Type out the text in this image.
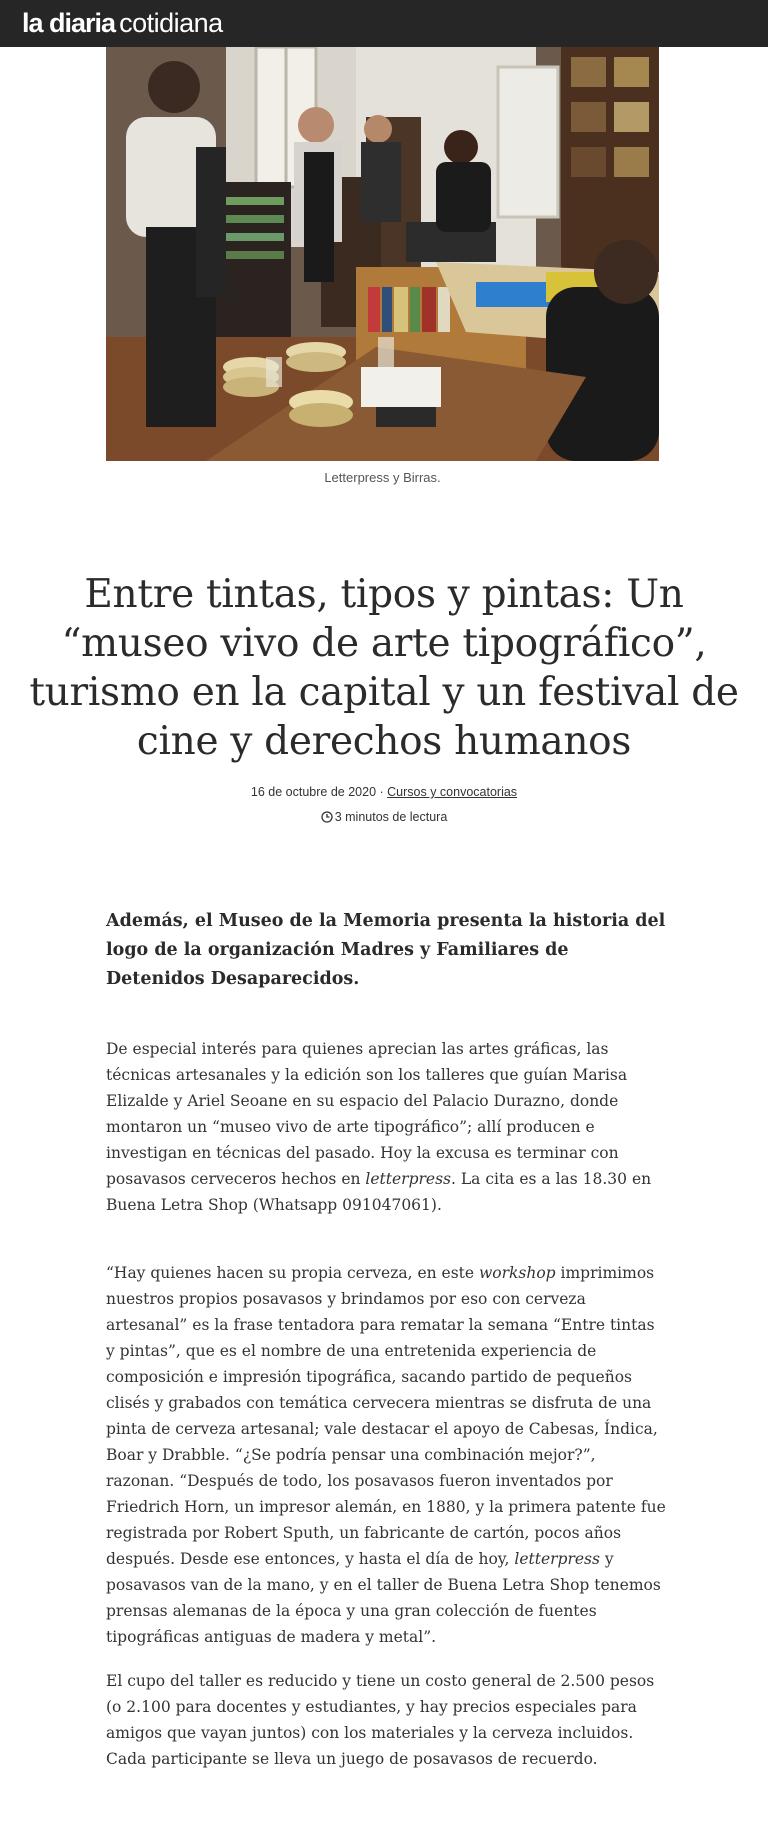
la diaria cotidiana
Letterpress y Birras.
Entre tintas, tipos y pintas: Un “museo vivo de arte tipográfico”, turismo en la capital y un festival de cine y derechos humanos
16 de octubre de 2020 · Cursos y convocatorias
3 minutos de lectura

Además, el Museo de la Memoria presenta la historia del logo de la organización Madres y Familiares de Detenidos Desaparecidos.

De especial interés para quienes aprecian las artes gráficas, las técnicas artesanales y la edición son los talleres que guían Marisa Elizalde y Ariel Seoane en su espacio del Palacio Durazno, donde montaron un “museo vivo de arte tipográfico”; allí producen e investigan en técnicas del pasado. Hoy la excusa es terminar con posavasos cerveceros hechos en letterpress. La cita es a las 18.30 en Buena Letra Shop (Whatsapp 091047061).

“Hay quienes hacen su propia cerveza, en este workshop imprimimos nuestros propios posavasos y brindamos por eso con cerveza artesanal” es la frase tentadora para rematar la semana “Entre tintas y pintas”, que es el nombre de una entretenida experiencia de composición e impresión tipográfica, sacando partido de pequeños clisés y grabados con temática cervecera mientras se disfruta de una pinta de cerveza artesanal; vale destacar el apoyo de Cabesas, Índica, Boar y Drabble. “¿Se podría pensar una combinación mejor?”, razonan. “Después de todo, los posavasos fueron inventados por Friedrich Horn, un impresor alemán, en 1880, y la primera patente fue registrada por Robert Sputh, un fabricante de cartón, pocos años después. Desde ese entonces, y hasta el día de hoy, letterpress y posavasos van de la mano, y en el taller de Buena Letra Shop tenemos prensas alemanas de la época y una gran colección de fuentes tipográficas antiguas de madera y metal”.

El cupo del taller es reducido y tiene un costo general de 2.500 pesos (o 2.100 para docentes y estudiantes, y hay precios especiales para amigos que vayan juntos) con los materiales y la cerveza incluidos. Cada participante se lleva un juego de posavasos de recuerdo.
